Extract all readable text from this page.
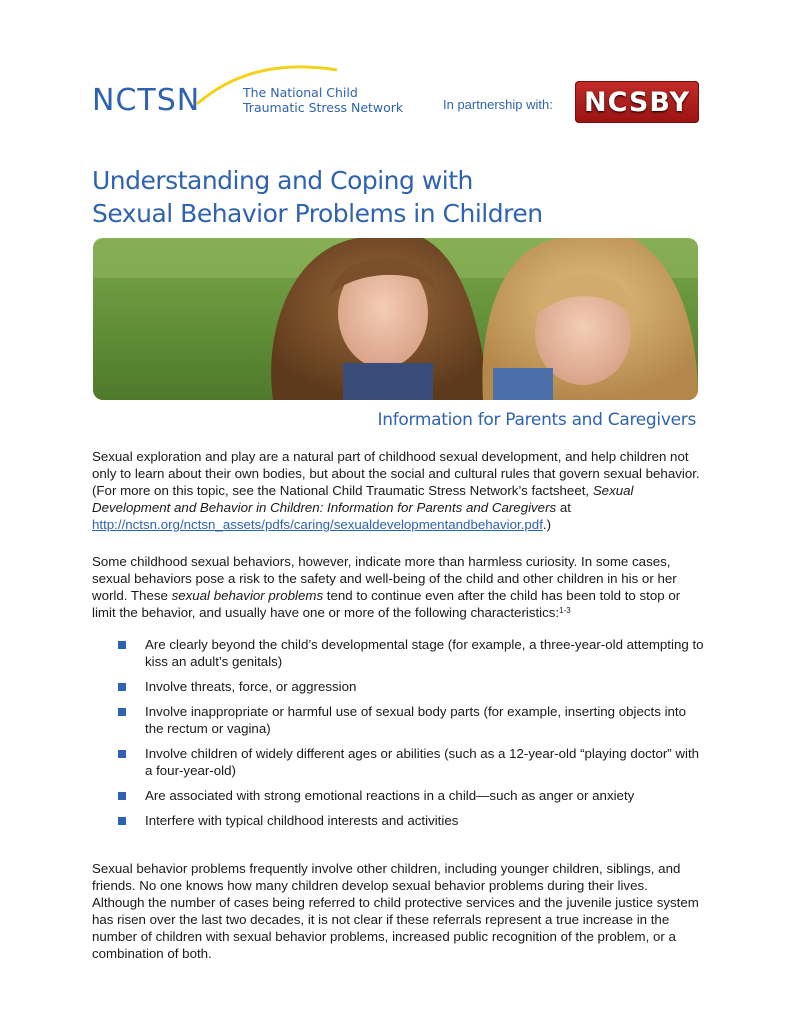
NCTSN	The National Child
Traumatic Stress Network	In partnership with: NCSBY
Understanding and Coping with
Sexual Behavior Problems in Children
Information for Parents and Caregivers
Sexual exploration and play are a natural part of childhood sexual development, and help children not only to learn about their own bodies, but about the social and cultural rules that govern sexual behavior. (For more on this topic, see the National Child Traumatic Stress Network’s factsheet, Sexual Development and Behavior in Children: Information for Parents and Caregivers at http://nctsn.org/nctsn_assets/pdfs/caring/sexualdevelopmentandbehavior.pdf.)
Some childhood sexual behaviors, however, indicate more than harmless curiosity. In some cases, sexual behaviors pose a risk to the safety and well-being of the child and other children in his or her world. These sexual behavior problems tend to continue even after the child has been told to stop or limit the behavior, and usually have one or more of the following characteristics:$^{1-3}$
Are clearly beyond the child’s developmental stage (for example, a three-year-old attempting to kiss an adult’s genitals)
Involve threats, force, or aggression
Involve inappropriate or harmful use of sexual body parts (for example, inserting objects into the rectum or vagina)
Involve children of widely different ages or abilities (such as a 12-year-old “playing doctor” with a four-year-old)
Are associated with strong emotional reactions in a child—such as anger or anxiety
Interfere with typical childhood interests and activities
Sexual behavior problems frequently involve other children, including younger children, siblings, and friends. No one knows how many children develop sexual behavior problems during their lives. Although the number of cases being referred to child protective services and the juvenile justice system has risen over the last two decades, it is not clear if these referrals represent a true increase in the number of children with sexual behavior problems, increased public recognition of the problem, or a combination of both.
